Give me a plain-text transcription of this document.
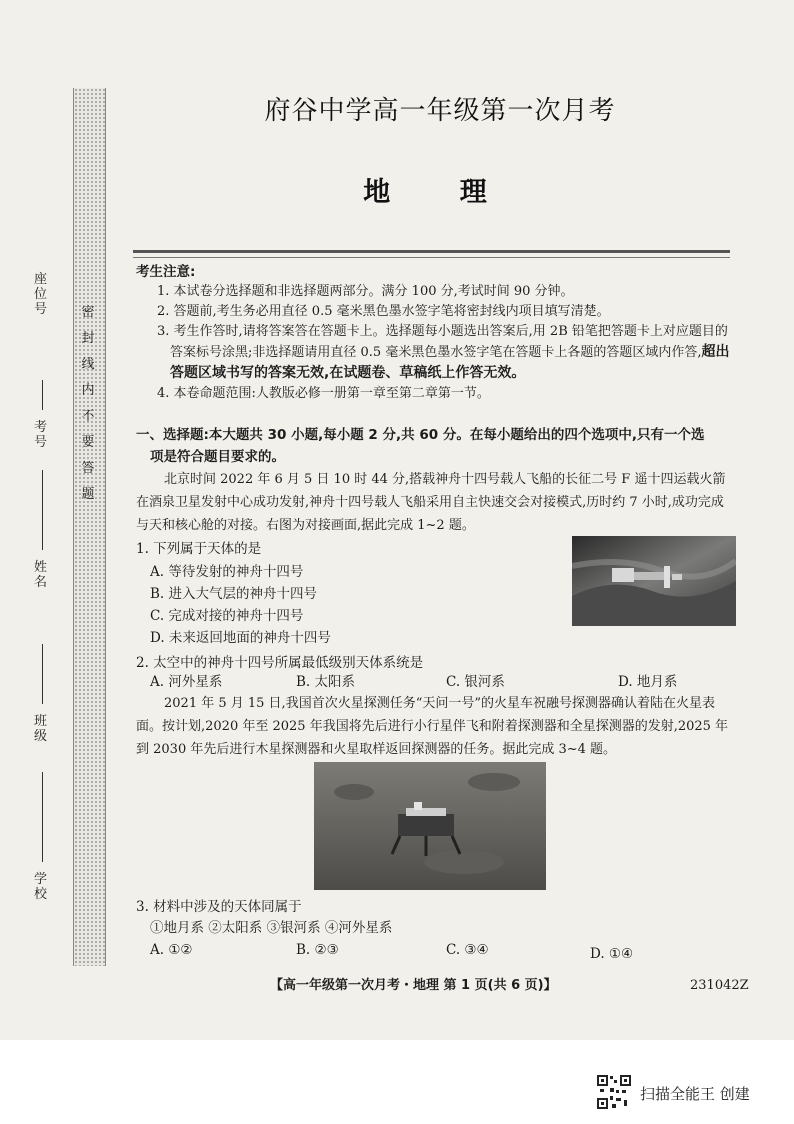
密
封
线
内
不
要
答
题
座位号
考号
姓名
班级
学校
府谷中学高一年级第一次月考
地 理
考生注意:
1. 本试卷分选择题和非选择题两部分。满分 100 分,考试时间 90 分钟。
2. 答题前,考生务必用直径 0.5 毫米黑色墨水签字笔将密封线内项目填写清楚。
3. 考生作答时,请将答案答在答题卡上。选择题每小题选出答案后,用 2B 铅笔把答题卡上对应题目的答案标号涂黑;非选择题请用直径 0.5 毫米黑色墨水签字笔在答题卡上各题的答题区域内作答,超出答题区域书写的答案无效,在试题卷、草稿纸上作答无效。
4. 本卷命题范围:人教版必修一册第一章至第二章第一节。
一、选择题:本大题共 30 小题,每小题 2 分,共 60 分。在每小题给出的四个选项中,只有一个选
项是符合题目要求的。
北京时间 2022 年 6 月 5 日 10 时 44 分,搭载神舟十四号载人飞船的长征二号 F 遥十四运载火箭在酒泉卫星发射中心成功发射,神舟十四号载人飞船采用自主快速交会对接模式,历时约 7 小时,成功完成与天和核心舱的对接。右图为对接画面,据此完成 1~2 题。
1. 下列属于天体的是
A. 等待发射的神舟十四号
B. 进入大气层的神舟十四号
C. 完成对接的神舟十四号
D. 未来返回地面的神舟十四号
2. 太空中的神舟十四号所属最低级别天体系统是
A. 河外星系	B. 太阳系	C. 银河系	D. 地月系
2021 年 5 月 15 日,我国首次火星探测任务“天问一号”的火星车祝融号探测器确认着陆在火星表面。按计划,2020 年至 2025 年我国将先后进行小行星伴飞和附着探测器和全星探测器的发射,2025 年到 2030 年先后进行木星探测器和火星取样返回探测器的任务。据此完成 3~4 题。
3. 材料中涉及的天体同属于
①地月系 ②太阳系 ③银河系 ④河外星系
A. ①②	B. ②③	C. ③④	D. ①④
【高一年级第一次月考・地理 第 1 页(共 6 页)】	231042Z
扫描全能王 创建
